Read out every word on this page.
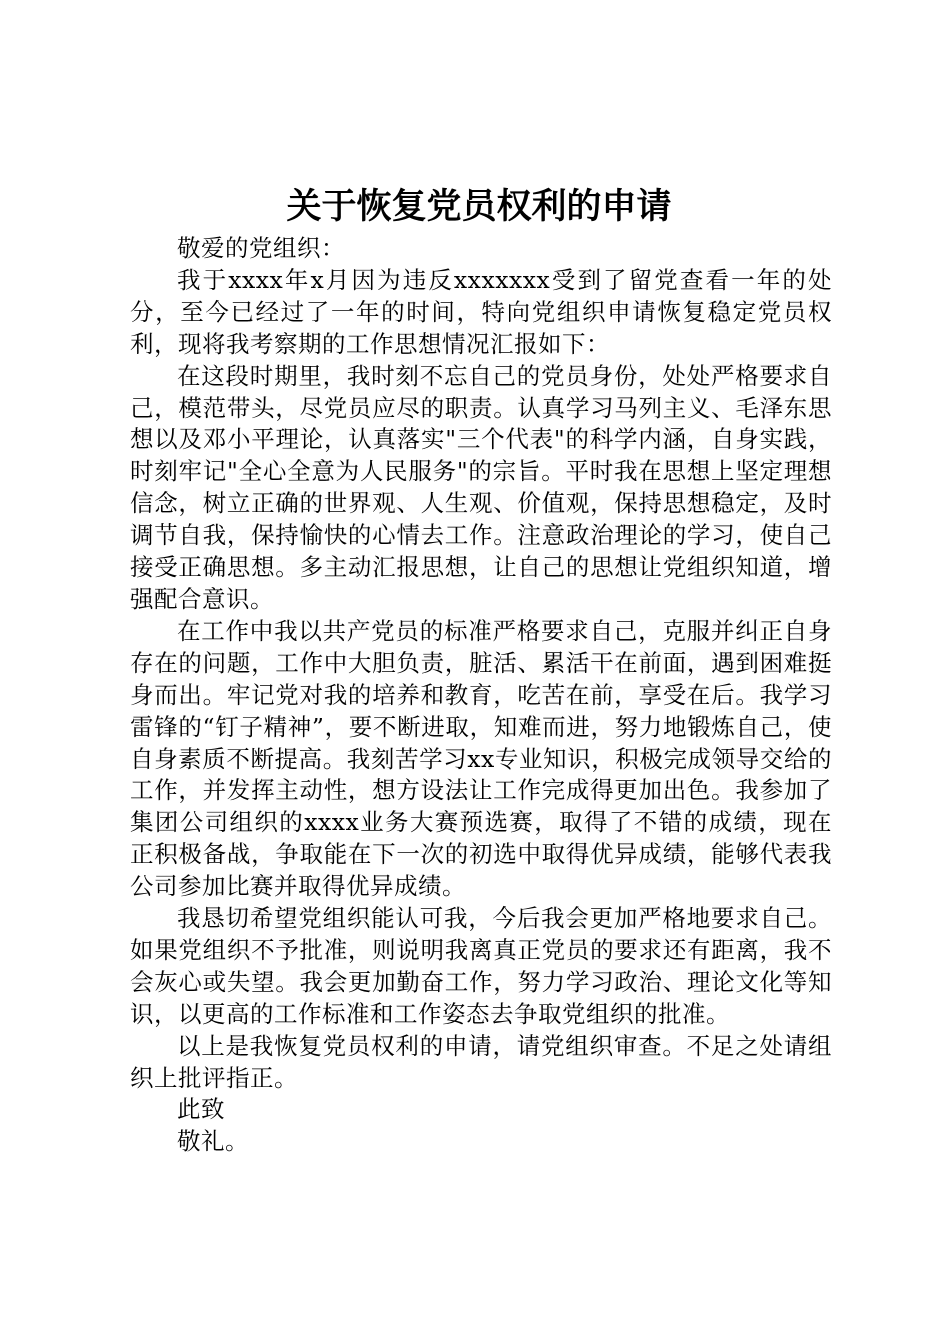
关于恢复党员权利的申请

敬爱的党组织：

我于xxxx年x月因为违反xxxxxxx受到了留党查看一年的处分，至今已经过了一年的时间，特向党组织申请恢复稳定党员权利，现将我考察期的工作思想情况汇报如下：

在这段时期里，我时刻不忘自己的党员身份，处处严格要求自己，模范带头，尽党员应尽的职责。认真学习马列主义、毛泽东思想以及邓小平理论，认真落实"三个代表"的科学内涵，自身实践，时刻牢记"全心全意为人民服务"的宗旨。平时我在思想上坚定理想信念，树立正确的世界观、人生观、价值观，保持思想稳定，及时调节自我，保持愉快的心情去工作。注意政治理论的学习，使自己接受正确思想。多主动汇报思想，让自己的思想让党组织知道，增强配合意识。

在工作中我以共产党员的标准严格要求自己，克服并纠正自身存在的问题，工作中大胆负责，脏活、累活干在前面，遇到困难挺身而出。牢记党对我的培养和教育，吃苦在前，享受在后。我学习雷锋的“钉子精神”，要不断进取，知难而进，努力地锻炼自己，使自身素质不断提高。我刻苦学习xx专业知识，积极完成领导交给的工作，并发挥主动性，想方设法让工作完成得更加出色。我参加了集团公司组织的xxxx业务大赛预选赛，取得了不错的成绩，现在正积极备战，争取能在下一次的初选中取得优异成绩，能够代表我公司参加比赛并取得优异成绩。

我恳切希望党组织能认可我，今后我会更加严格地要求自己。如果党组织不予批准，则说明我离真正党员的要求还有距离，我不会灰心或失望。我会更加勤奋工作，努力学习政治、理论文化等知识，以更高的工作标准和工作姿态去争取党组织的批准。

以上是我恢复党员权利的申请，请党组织审查。不足之处请组织上批评指正。

此致

敬礼。
